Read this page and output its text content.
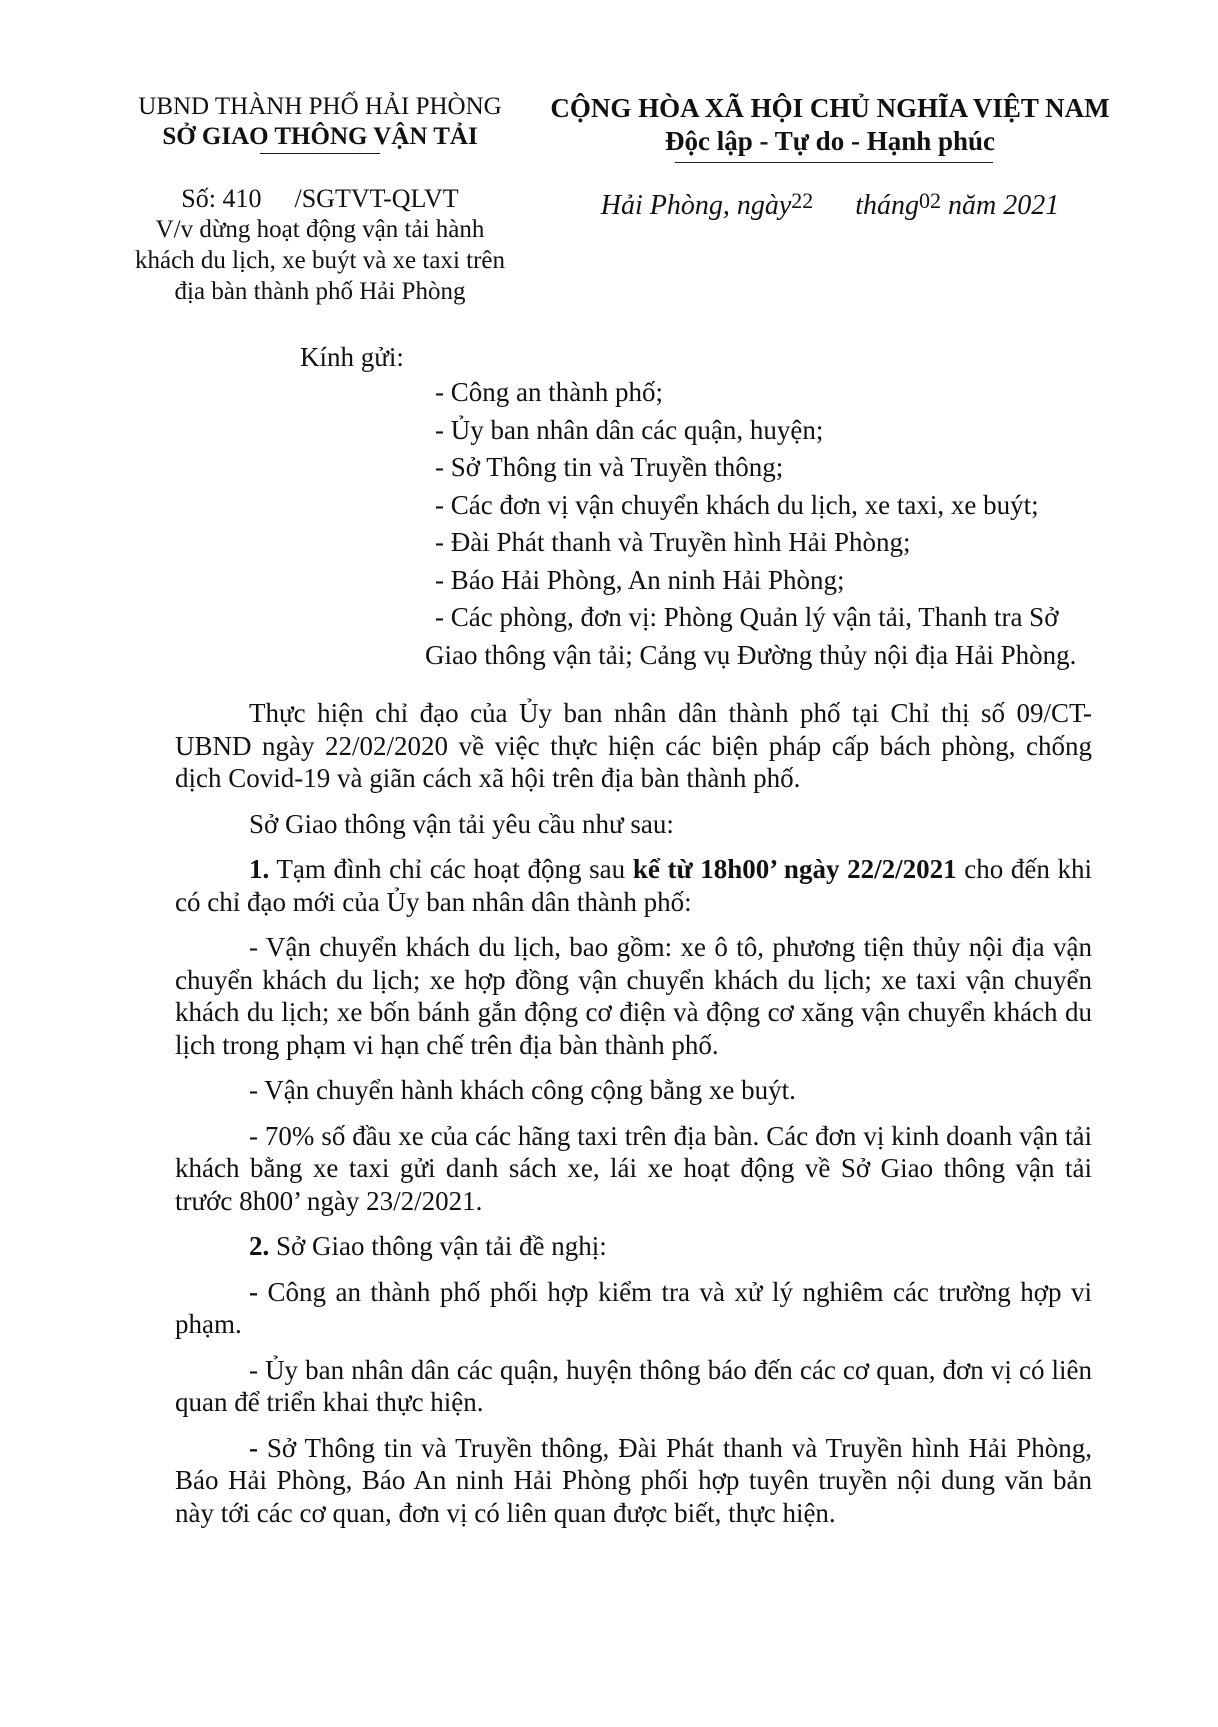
UBND THÀNH PHỐ HẢI PHÒNG
SỞ GIAO THÔNG VẬN TẢI
CỘNG HÒA XÃ HỘI CHỦ NGHĨA VIỆT NAM
Độc lập - Tự do - Hạnh phúc
Số: 410 /SGTVT-QLVT
V/v dừng hoạt động vận tải hành
khách du lịch, xe buýt và xe taxi trên
địa bàn thành phố Hải Phòng
Hải Phòng, ngày$^{22}$ tháng$^{02}$ năm 2021
Kính gửi:
- Công an thành phố;
- Ủy ban nhân dân các quận, huyện;
- Sở Thông tin và Truyền thông;
- Các đơn vị vận chuyển khách du lịch, xe taxi, xe buýt;
- Đài Phát thanh và Truyền hình Hải Phòng;
- Báo Hải Phòng, An ninh Hải Phòng;
- Các phòng, đơn vị: Phòng Quản lý vận tải, Thanh tra Sở
Giao thông vận tải; Cảng vụ Đường thủy nội địa Hải Phòng.

Thực hiện chỉ đạo của Ủy ban nhân dân thành phố tại Chỉ thị số 09/CT-UBND ngày 22/02/2020 về việc thực hiện các biện pháp cấp bách phòng, chống dịch Covid-19 và giãn cách xã hội trên địa bàn thành phố.

Sở Giao thông vận tải yêu cầu như sau:

1. Tạm đình chỉ các hoạt động sau kể từ 18h00’ ngày 22/2/2021 cho đến khi có chỉ đạo mới của Ủy ban nhân dân thành phố:

- Vận chuyển khách du lịch, bao gồm: xe ô tô, phương tiện thủy nội địa vận chuyển khách du lịch; xe hợp đồng vận chuyển khách du lịch; xe taxi vận chuyển khách du lịch; xe bốn bánh gắn động cơ điện và động cơ xăng vận chuyển khách du lịch trong phạm vi hạn chế trên địa bàn thành phố.

- Vận chuyển hành khách công cộng bằng xe buýt.

- 70% số đầu xe của các hãng taxi trên địa bàn. Các đơn vị kinh doanh vận tải khách bằng xe taxi gửi danh sách xe, lái xe hoạt động về Sở Giao thông vận tải trước 8h00’ ngày 23/2/2021.

2. Sở Giao thông vận tải đề nghị:

- Công an thành phố phối hợp kiểm tra và xử lý nghiêm các trường hợp vi phạm.

- Ủy ban nhân dân các quận, huyện thông báo đến các cơ quan, đơn vị có liên quan để triển khai thực hiện.

- Sở Thông tin và Truyền thông, Đài Phát thanh và Truyền hình Hải Phòng, Báo Hải Phòng, Báo An ninh Hải Phòng phối hợp tuyên truyền nội dung văn bản này tới các cơ quan, đơn vị có liên quan được biết, thực hiện.
